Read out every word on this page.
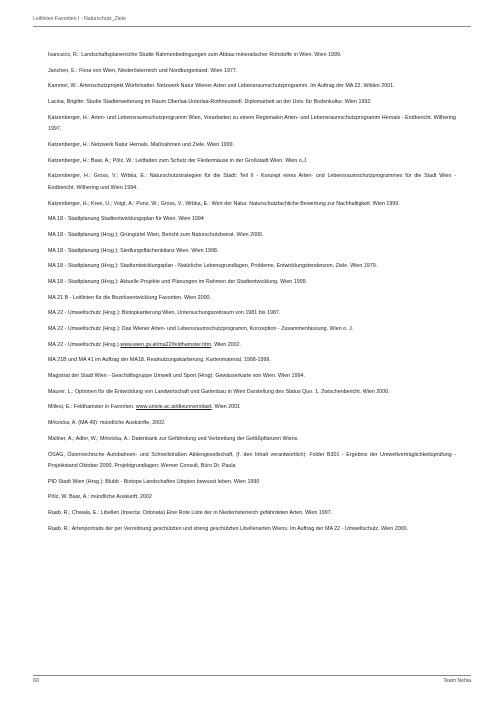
Leitlinien Favoriten I - Naturschutz_Ziele

Ivancsics, R.: Landschaftsplanerische Studie Rahmenbedingungen zum Abbau mineralischer Rohstoffe in Wien. Wien 1999.

Janchen, E.: Flora von Wien, Niederösterreich und Nordburgenland. Wien 1977.

Kammel, W.: Artenschutzprojekt Würfelnatter. Netzwerk Natur Wiener Arten und Lebensraumschutzprogramm. Im Auftrag der MA 22. Wilden 2001.

Lacina, Brigitte: Studie Stadterweiterung im Raum Oberlaa-Unterlaa-Rothneusiedl. Diplomarbeit an der Univ. für Bodenkultur. Wien 1992.

Katzenberger, H.: Arten- und Lebensraumschutzprogramm Wien, Vorarbeiten zu einem Regionalen Arten- und Lebensraumschutzprogramm Hernals - Endbericht. Wilhering 1997.

Katzenberger, H.: Netzwerk Natur Hernals. Maßnahmen und Ziele. Wien 1999.

Katzenberger, H.; Baar, A.; Pölz, W.: Leitfaden zum Schutz der Fledermäuse in der Großstadt Wien. Wien o.J.

Katzenberger, H.; Gross, V.; Wrbka, E.: Naturschutzstrategien für die Stadt: Teil II - Konzept eines Arten- und Lebensraumschutzprogrammes für die Stadt Wien - Endbericht. Wilhering und Wien 1994.

Katzenberger, H.; Kree, U.; Voigt, A.; Punz, W.; Gross, V.; Wrbka, E.: Wert der Natur. Naturschutzfachliche Bewertung zur Nachhaltigkeit. Wien 1999.

MA 18 - Stadtplanung Stadtentwicklungsplan für Wien. Wien 1994

MA 18 - Stadtplanung (Hrsg.): Grüngürtel Wien, Bericht zum Naturschutzbeirat. Wien 2000.

MA 18 - Stadtplanung (Hrsg.): Siedlungsflächenbilanz Wien. Wien 1998.

MA 18 - Stadtplanung (Hrsg.): Stadtentwicklungsplan - Natürliche Lebensgrundlagen, Probleme, Entwicklungstendenzen, Ziele. Wien 1979.

MA 18 - Stadtplanung (Hrsg.): Aktuelle Projekte und Planungen im Rahmen der Stadtentwicklung. Wien 1999.

MA 21 B - Leitlinien für die Bezirksentwicklung Favoriten. Wien 2000.

MA 22 - Umweltschutz (Hrsg.): Biotopkartierung Wien, Untersuchungszeitraum von 1981 bis 1987.

MA 22 - Umweltschutz (Hrsg.): Das Wiener Arten- und Lebensraumschutzprogramm, Konzeption - Zusammenfassung. Wien o. J.

MA 22 - Umweltschutz (Hrsg.) www.wien.gv.at/ma22/feldhamster.htm. Wien 2002.

MA 21B und MA 41 im Auftrag der MA18. Realnutzungskartierung. Kartenmaterial, 1998-1999.

Magistrat der Stadt Wien - Geschäftsgruppe Umwelt und Sport (Hrsg): Gewässerkarte von Wien. Wien 1994.

Maurer, L.: Optionen für die Entwicklung von Landwirtschaft und Gartenbau in Wien Darstellung des Status Quo. 1. Zwischenbericht. Wien 2000.

Millesi, E.: Feldhamster in Favoriten. www.univie.ac.at/dieuniversitaet. Wien 2001

Mrkvicka, A. (MA 49): mündliche Auskünfte, 2002.

Mallner, A.; Adler, W.; Mrkvicka, A.: Datenbank zur Gefährdung und Verbreitung der Gefäßpflanzen Wiens.

ÖSAG, Österreichische Autobahnen- und Schnellstraßen Aktiengesellschaft, (f. den Inhalt verantwortlich): Folder B301 - Ergebnis der Umweltverträglichkeitsprüfung - Projektstand Oktober 2000. Projektgrundlagen: Werner Consult, Büro Dr. Paula

PID Stadt Wien (Hrsg.): Blubb - Biotope Landschaften Utopien bewusst leben. Wien 1990

Pölz, W. Baar, A.: mündliche Auskunft, 2002

Raab, R.; Chwala, E.: Libellen (Insecta: Odonata) Eine Rote Liste der in Niederösterreich gefährdeten Arten. Wien 1997.

Raab, R.: Artenportraits der per Verordnung geschützten und streng geschützten Libellenarten Wiens. Im Auftrag der MA 22 - Umweltschutz. Wien 2000.

60	Team Nehla
